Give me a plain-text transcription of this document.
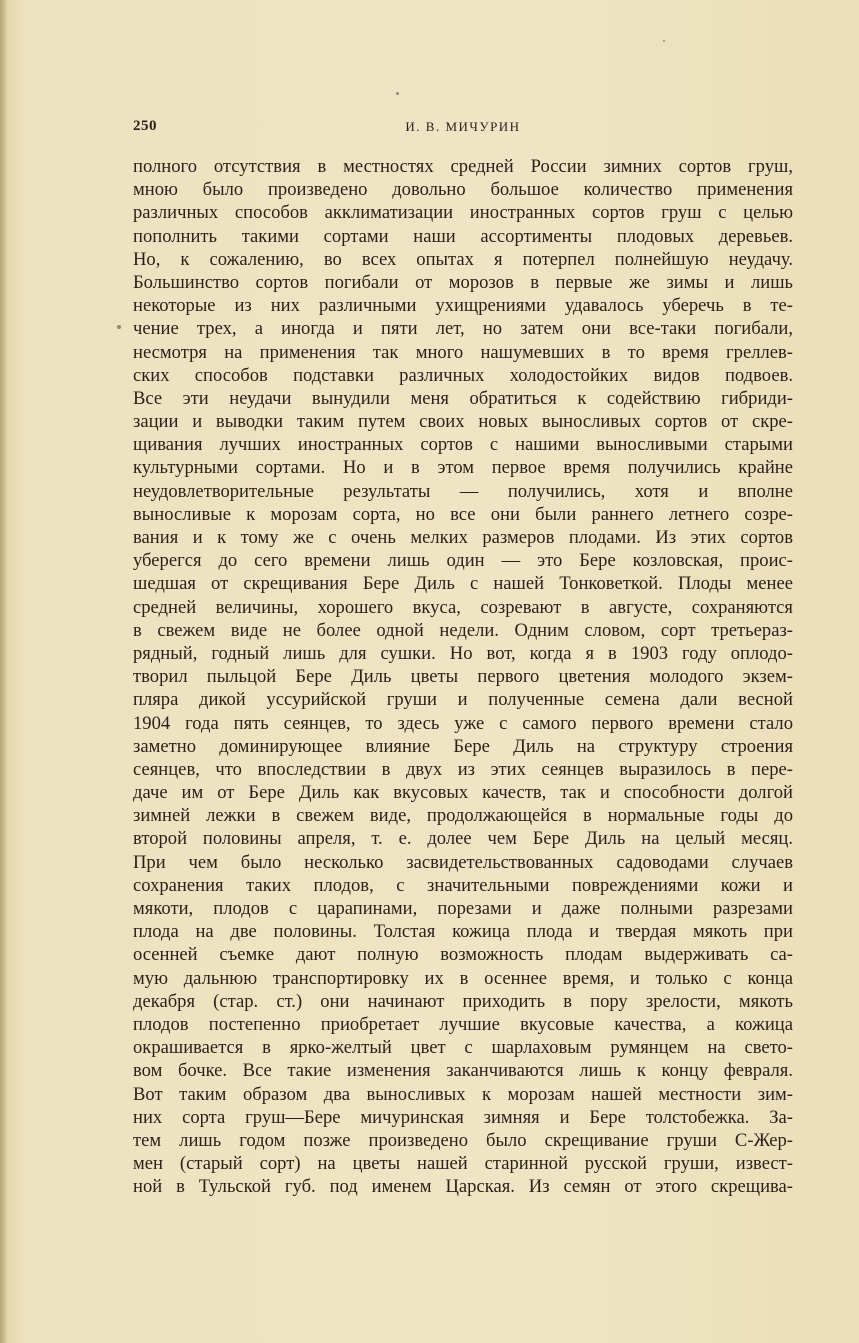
250	И. В. МИЧУРИН
полного отсутствия в местностях средней России зимних сортов груш,
мною было произведено довольно большое количество применения
различных способов акклиматизации иностранных сортов груш с целью
пополнить такими сортами наши ассортименты плодовых деревьев.
Но, к сожалению, во всех опытах я потерпел полнейшую неудачу.
Большинство сортов погибали от морозов в первые же зимы и лишь
некоторые из них различными ухищрениями удавалось уберечь в те-
чение трех, а иногда и пяти лет, но затем они все-таки погибали,
несмотря на применения так много нашумевших в то время греллев-
ских способов подставки различных холодостойких видов подвоев.
Все эти неудачи вынудили меня обратиться к содействию гибриди-
зации и выводки таким путем своих новых выносливых сортов от скре-
щивания лучших иностранных сортов с нашими выносливыми старыми
культурными сортами. Но и в этом первое время получились крайне
неудовлетворительные результаты — получились, хотя и вполне
выносливые к морозам сорта, но все они были раннего летнего созре-
вания и к тому же с очень мелких размеров плодами. Из этих сортов
уберегся до сего времени лишь один — это Бере козловская, проис-
шедшая от скрещивания Бере Диль с нашей Тонковеткой. Плоды менее
средней величины, хорошего вкуса, созревают в августе, сохраняются
в свежем виде не более одной недели. Одним словом, сорт третьераз-
рядный, годный лишь для сушки. Но вот, когда я в 1903 году оплодо-
творил пыльцой Бере Диль цветы первого цветения молодого экзем-
пляра дикой уссурийской груши и полученные семена дали весной
1904 года пять сеянцев, то здесь уже с самого первого времени стало
заметно доминирующее влияние Бере Диль на структуру строения
сеянцев, что впоследствии в двух из этих сеянцев выразилось в пере-
даче им от Бере Диль как вкусовых качеств, так и способности долгой
зимней лежки в свежем виде, продолжающейся в нормальные годы до
второй половины апреля, т. е. долее чем Бере Диль на целый месяц.
При чем было несколько засвидетельствованных садоводами случаев
сохранения таких плодов, с значительными повреждениями кожи и
мякоти, плодов с царапинами, порезами и даже полными разрезами
плода на две половины. Толстая кожица плода и твердая мякоть при
осенней съемке дают полную возможность плодам выдерживать са-
мую дальнюю транспортировку их в осеннее время, и только с конца
декабря (стар. ст.) они начинают приходить в пору зрелости, мякоть
плодов постепенно приобретает лучшие вкусовые качества, а кожица
окрашивается в ярко-желтый цвет с шарлаховым румянцем на свето-
вом бочке. Все такие изменения заканчиваются лишь к концу февраля.
Вот таким образом два выносливых к морозам нашей местности зим-
них сорта груш—Бере мичуринская зимняя и Бере толстобежка. За-
тем лишь годом позже произведено было скрещивание груши С-Жер-
мен (старый сорт) на цветы нашей старинной русской груши, извест-
ной в Тульской губ. под именем Царская. Из семян от этого скрещива-
